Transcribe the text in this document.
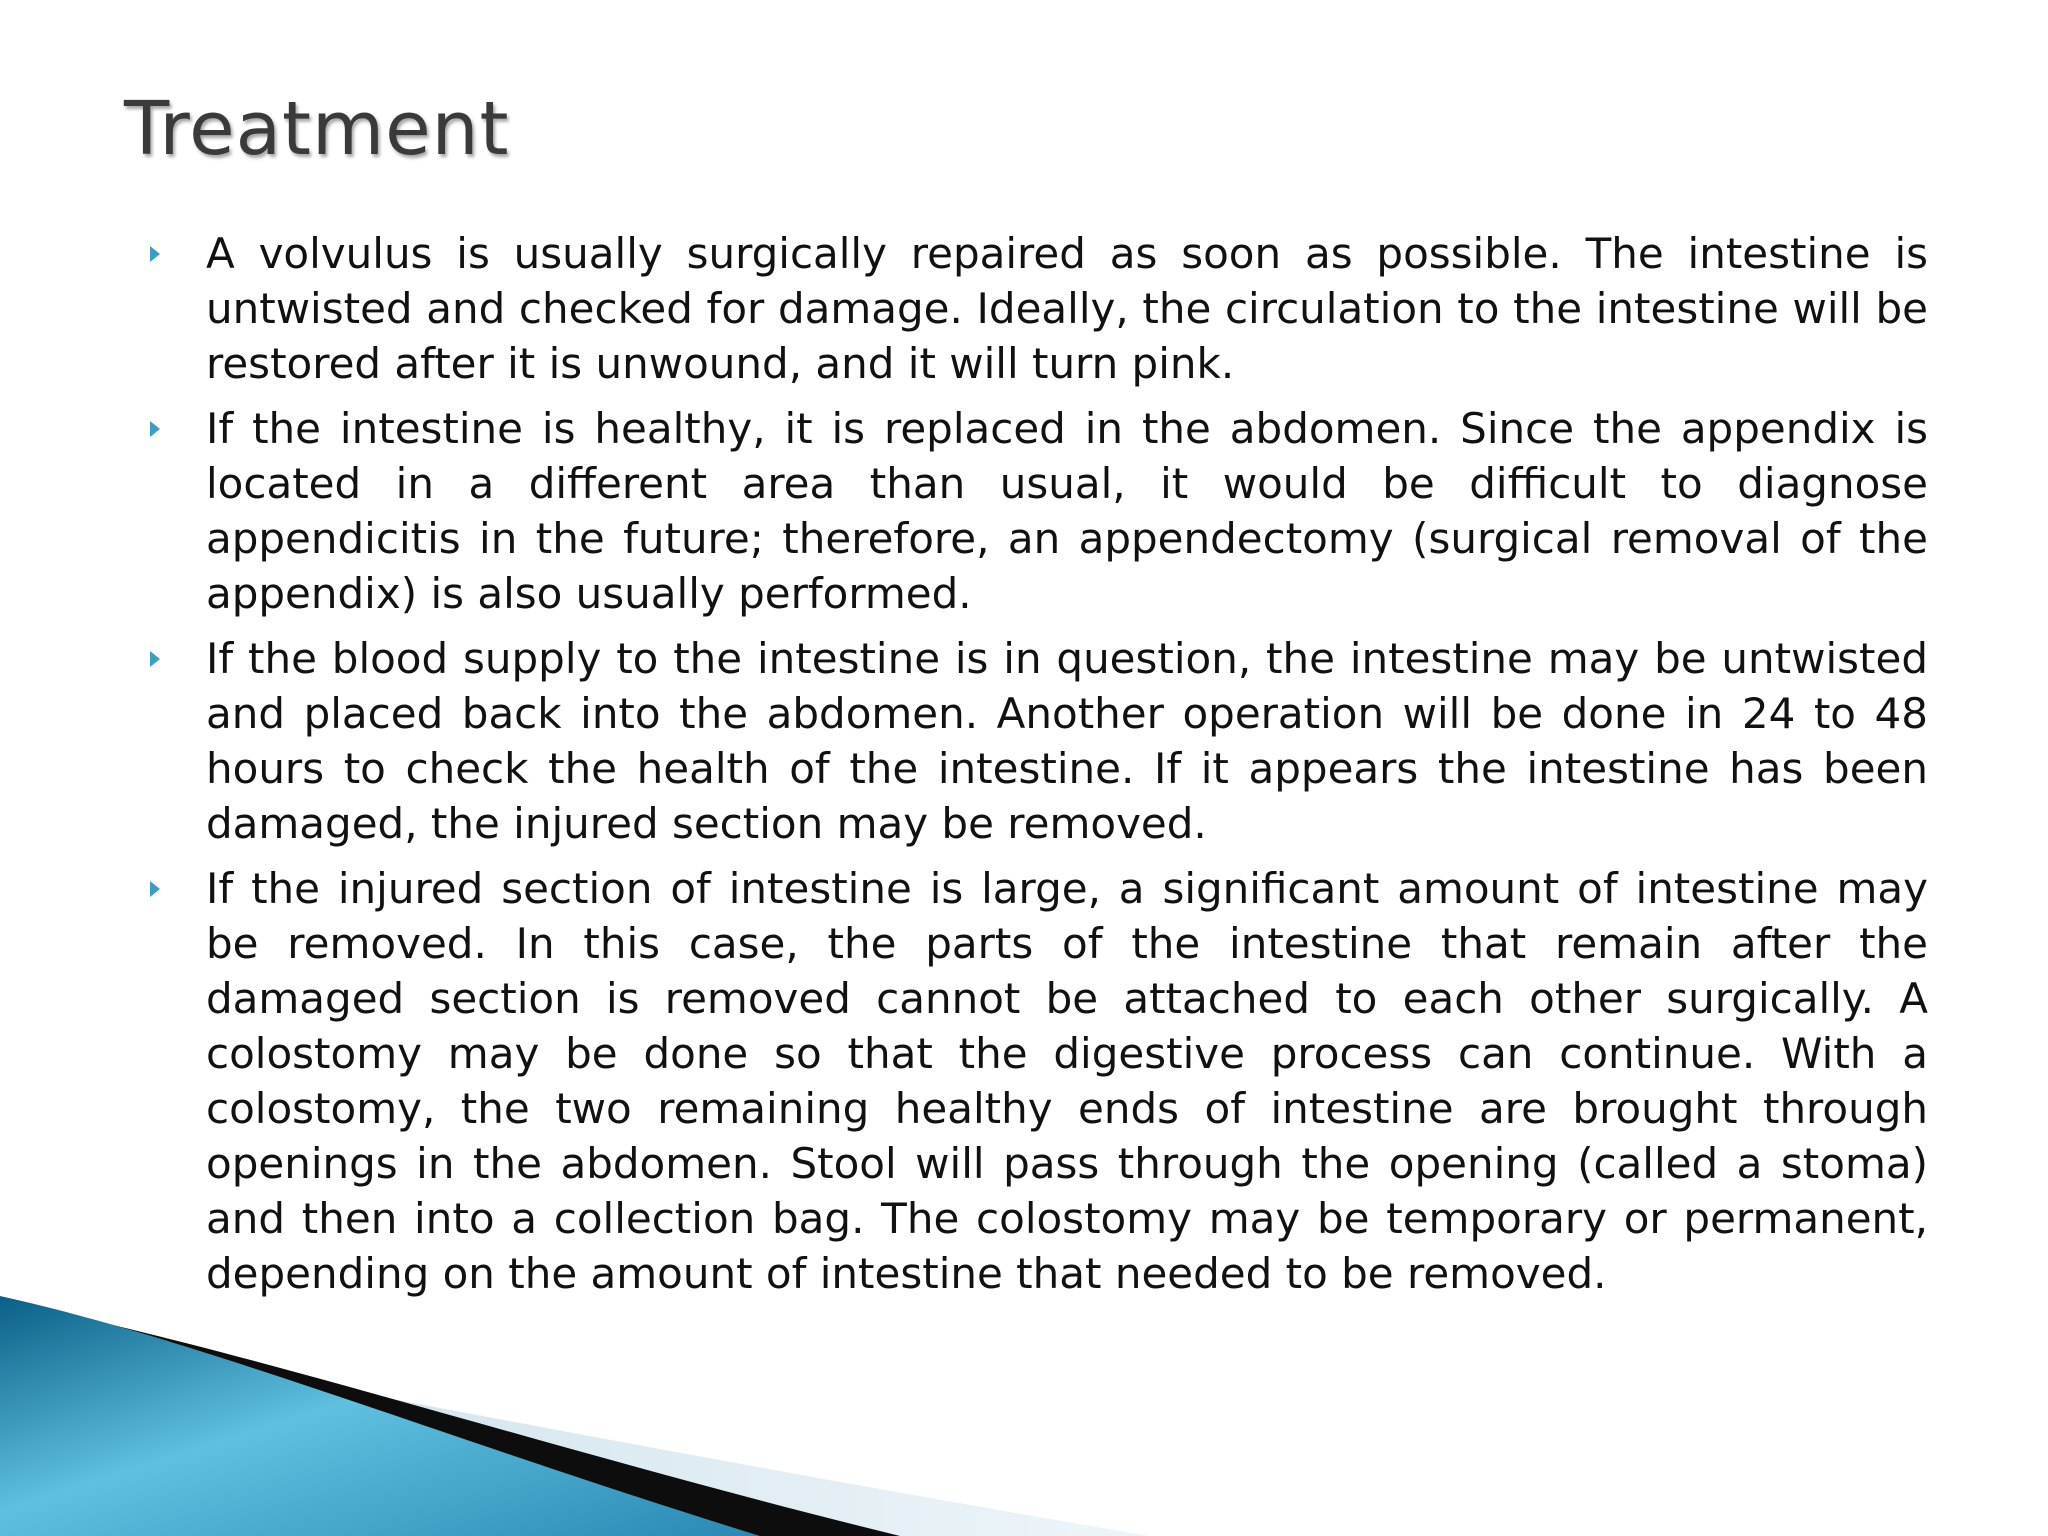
Treatment
A volvulus is usually surgically repaired as soon as possible. The intestine is untwisted and checked for damage. Ideally, the circulation to the intestine will be restored after it is unwound, and it will turn pink.
If the intestine is healthy, it is replaced in the abdomen. Since the appendix is located in a different area than usual, it would be difficult to diagnose appendicitis in the future; therefore, an appendectomy (surgical removal of the appendix) is also usually performed.
If the blood supply to the intestine is in question, the intestine may be untwisted and placed back into the abdomen. Another operation will be done in 24 to 48 hours to check the health of the intestine. If it appears the intestine has been damaged, the injured section may be removed.
If the injured section of intestine is large, a significant amount of intestine may be removed. In this case, the parts of the intestine that remain after the damaged section is removed cannot be attached to each other surgically. A colostomy may be done so that the digestive process can continue. With a colostomy, the two remaining healthy ends of intestine are brought through openings in the abdomen. Stool will pass through the opening (called a stoma) and then into a collection bag. The colostomy may be temporary or permanent, depending on the amount of intestine that needed to be removed.
